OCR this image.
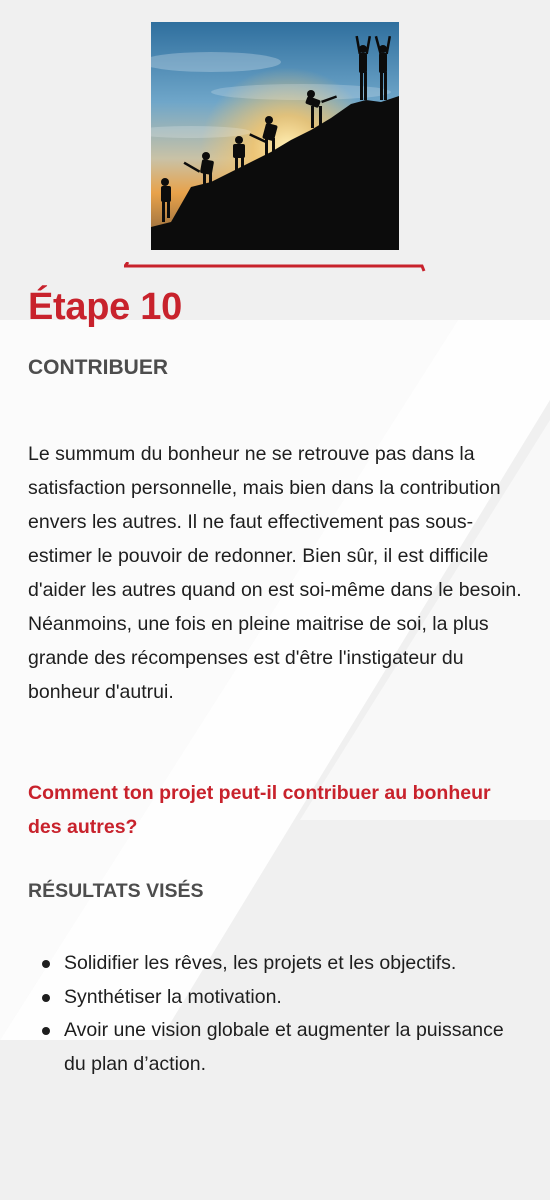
Étape 10
CONTRIBUER

Le summum du bonheur ne se retrouve pas dans la satisfaction personnelle, mais bien dans la contribution envers les autres. Il ne faut effectivement pas sous-estimer le pouvoir de redonner. Bien sûr, il est difficile d'aider les autres quand on est soi-même dans le besoin. Néanmoins, une fois en pleine maitrise de soi, la plus grande des récompenses est d'être l'instigateur du bonheur d'autrui.

Comment ton projet peut-il contribuer au bonheur des autres?

RÉSULTATS VISÉS
Solidifier les rêves, les projets et les objectifs.
Synthétiser la motivation.
Avoir une vision globale et augmenter la puissance du plan d’action.
